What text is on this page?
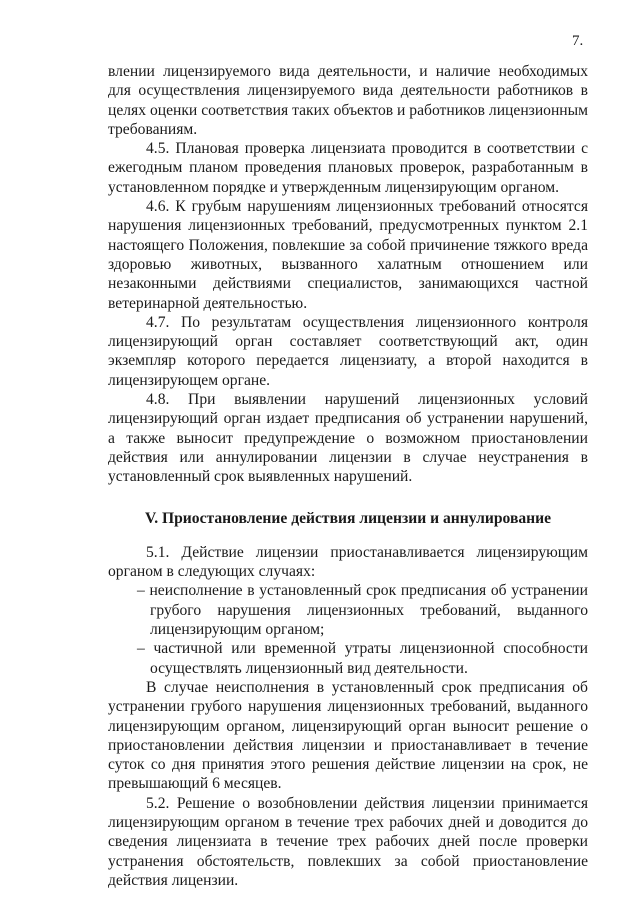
7.

влении лицензируемого вида деятельности, и наличие необходимых для осуществления лицензируемого вида деятельности работников в целях оценки соответствия таких объектов и работников лицензионным требованиям.

4.5. Плановая проверка лицензиата проводится в соответствии с ежегодным планом проведения плановых проверок, разработанным в установленном порядке и утвержденным лицензирующим органом.

4.6. К грубым нарушениям лицензионных требований относятся нарушения лицензионных требований, предусмотренных пунктом 2.1 настоящего Положения, повлекшие за собой причинение тяжкого вреда здоровью животных, вызванного халатным отношением или незаконными действиями специалистов, занимающихся частной ветеринарной деятельностью.

4.7. По результатам осуществления лицензионного контроля лицензирующий орган составляет соответствующий акт, один экземпляр которого передается лицензиату, а второй находится в лицензирующем органе.

4.8. При выявлении нарушений лицензионных условий лицензирующий орган издает предписания об устранении нарушений, а также выносит предупреждение о возможном приостановлении действия или аннулировании лицензии в случае неустранения в установленный срок выявленных нарушений.

V. Приостановление действия лицензии и аннулирование

5.1. Действие лицензии приостанавливается лицензирующим органом в следующих случаях:

– неисполнение в установленный срок предписания об устранении грубого нарушения лицензионных требований, выданного лицензирующим органом;

– частичной или временной утраты лицензионной способности осуществлять лицензионный вид деятельности.

В случае неисполнения в установленный срок предписания об устранении грубого нарушения лицензионных требований, выданного лицензирующим органом, лицензирующий орган выносит решение о приостановлении действия лицензии и приостанавливает в течение суток со дня принятия этого решения действие лицензии на срок, не превышающий 6 месяцев.

5.2. Решение о возобновлении действия лицензии принимается лицензирующим органом в течение трех рабочих дней и доводится до сведения лицензиата в течение трех рабочих дней после проверки устранения обстоятельств, повлекших за собой приостановление действия лицензии.
